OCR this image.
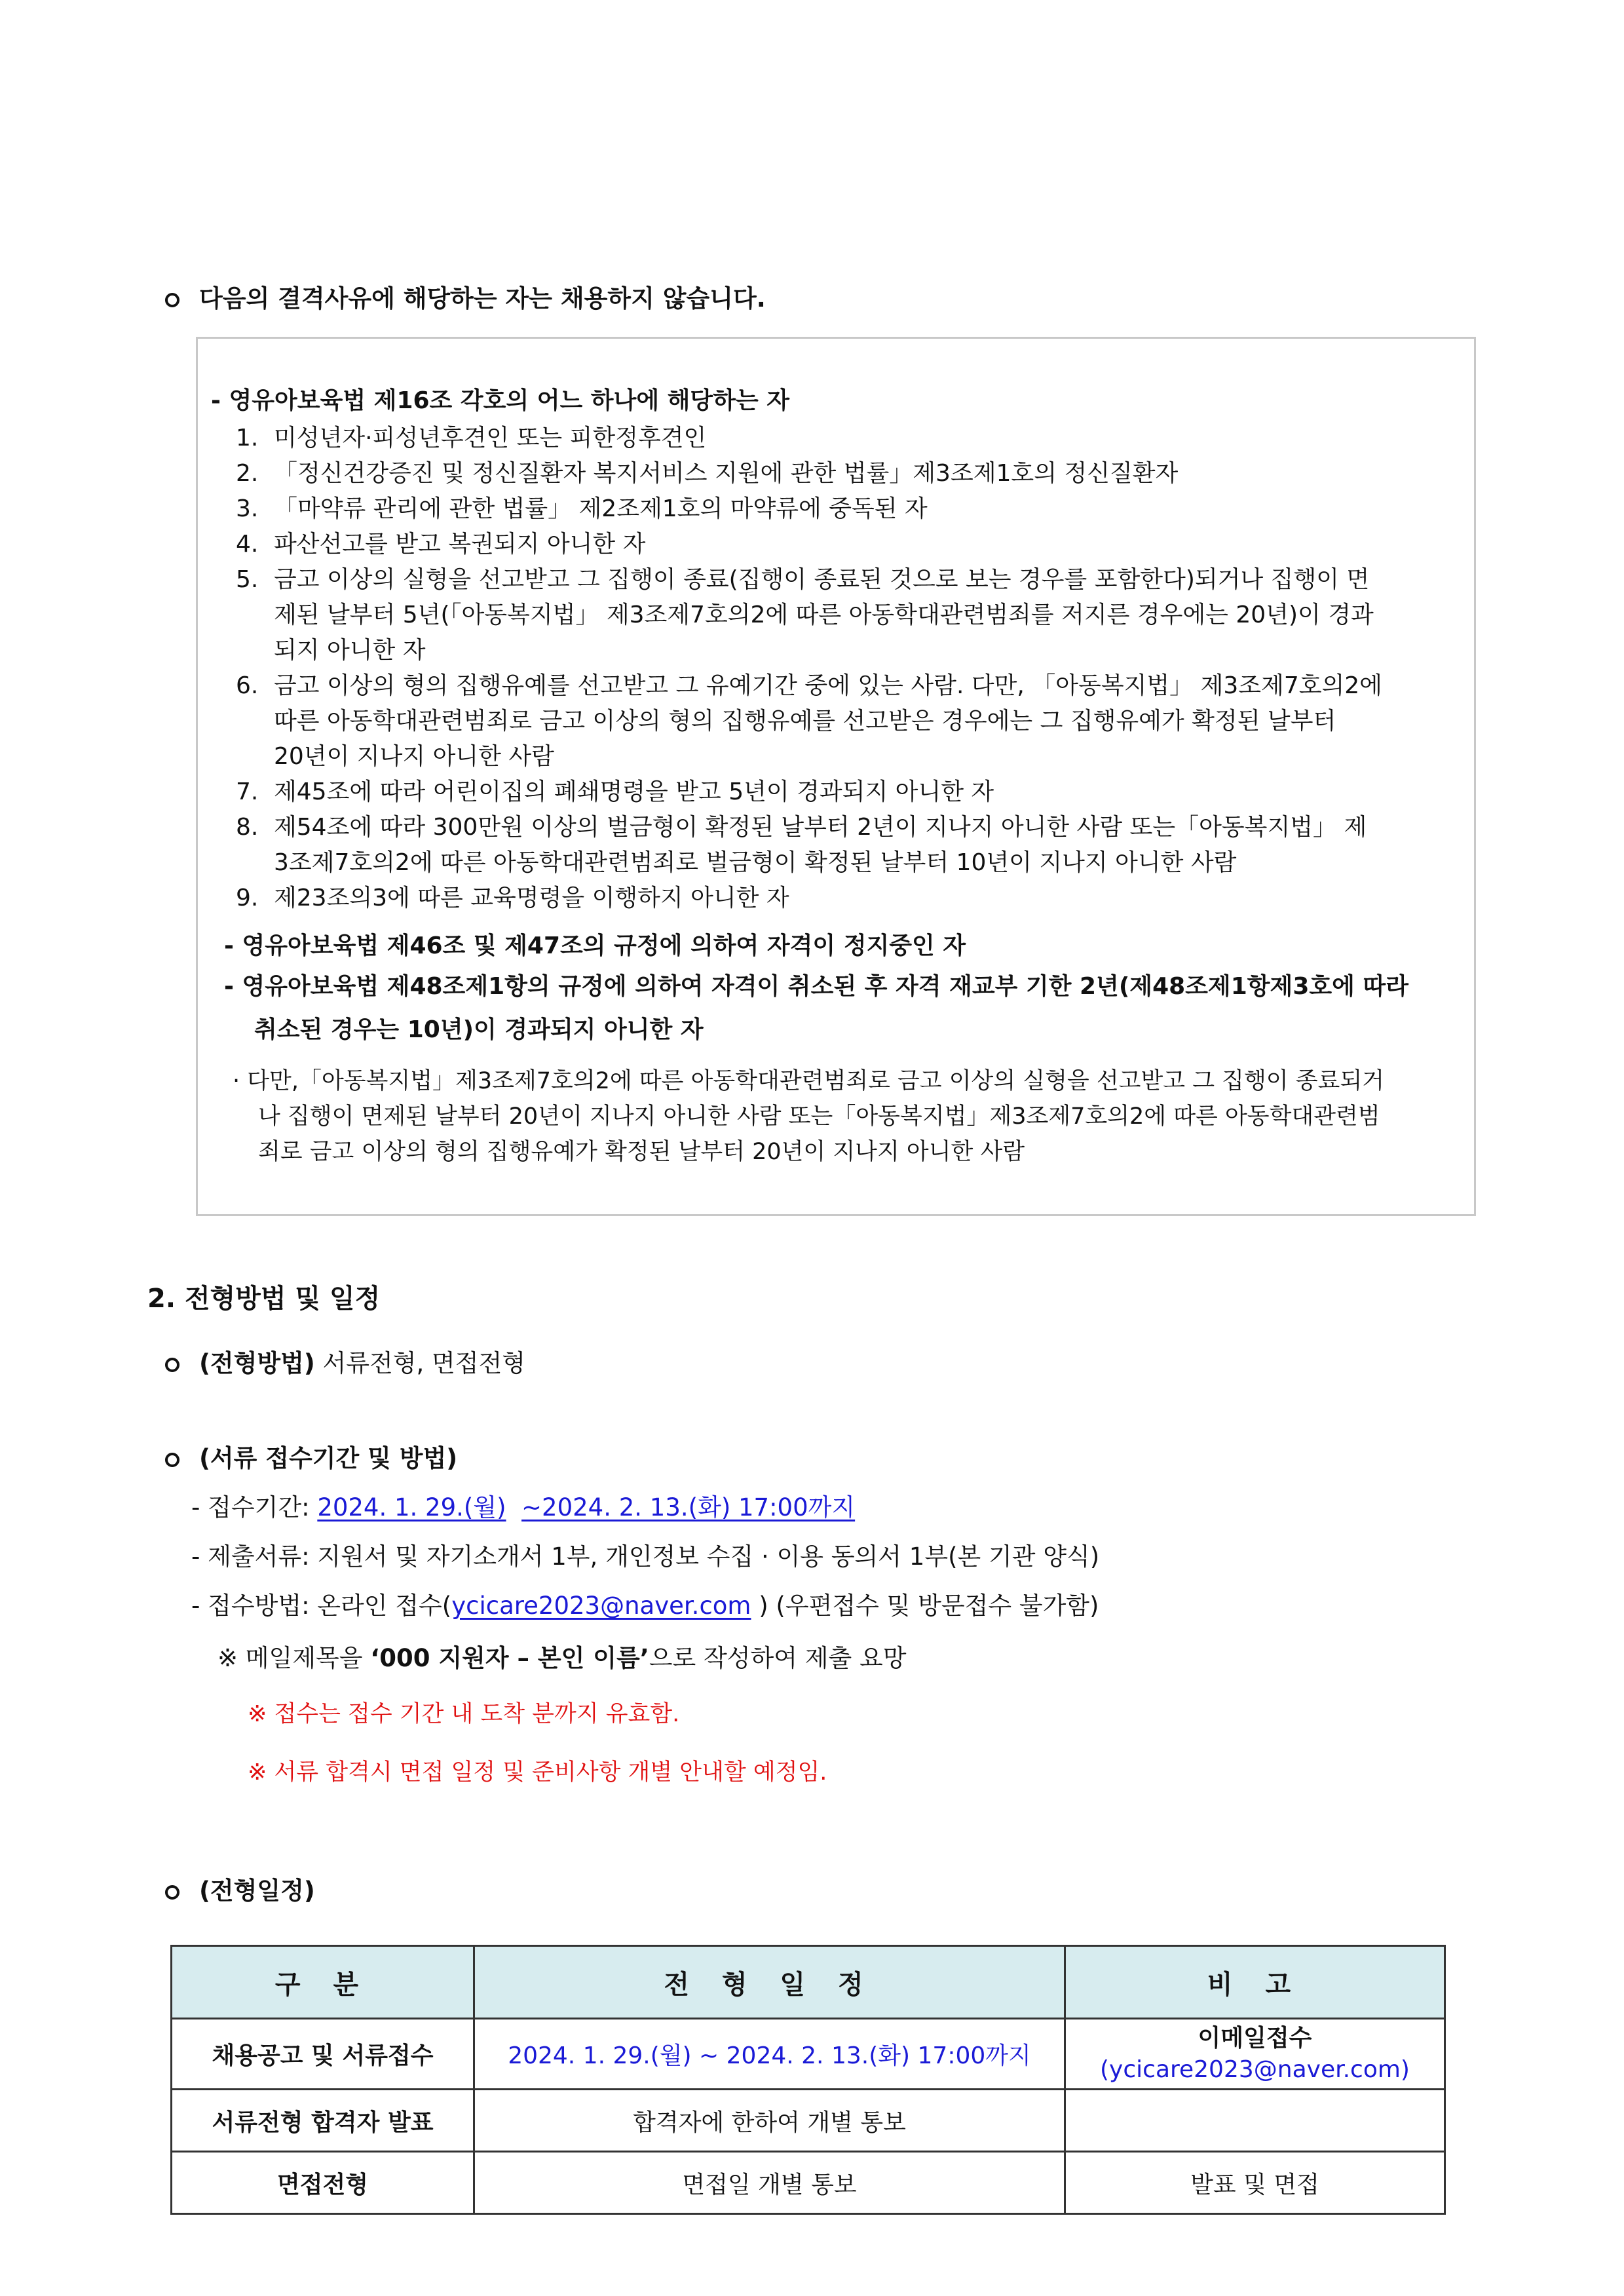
다음의 결격사유에 해당하는 자는 채용하지 않습니다.
- 영유아보육법 제16조 각호의 어느 하나에 해당하는 자
1. 미성년자·피성년후견인 또는 피한정후견인
2. 「정신건강증진 및 정신질환자 복지서비스 지원에 관한 법률」제3조제1호의 정신질환자
3. 「마약류 관리에 관한 법률」 제2조제1호의 마약류에 중독된 자
4. 파산선고를 받고 복권되지 아니한 자
5. 금고 이상의 실형을 선고받고 그 집행이 종료(집행이 종료된 것으로 보는 경우를 포함한다)되거나 집행이 면
제된 날부터 5년(「아동복지법」 제3조제7호의2에 따른 아동학대관련범죄를 저지른 경우에는 20년)이 경과
되지 아니한 자
6. 금고 이상의 형의 집행유예를 선고받고 그 유예기간 중에 있는 사람. 다만, 「아동복지법」 제3조제7호의2에
따른 아동학대관련범죄로 금고 이상의 형의 집행유예를 선고받은 경우에는 그 집행유예가 확정된 날부터
20년이 지나지 아니한 사람
7. 제45조에 따라 어린이집의 폐쇄명령을 받고 5년이 경과되지 아니한 자
8. 제54조에 따라 300만원 이상의 벌금형이 확정된 날부터 2년이 지나지 아니한 사람 또는「아동복지법」 제
3조제7호의2에 따른 아동학대관련범죄로 벌금형이 확정된 날부터 10년이 지나지 아니한 사람
9. 제23조의3에 따른 교육명령을 이행하지 아니한 자
- 영유아보육법 제46조 및 제47조의 규정에 의하여 자격이 정지중인 자
- 영유아보육법 제48조제1항의 규정에 의하여 자격이 취소된 후 자격 재교부 기한 2년(제48조제1항제3호에 따라
취소된 경우는 10년)이 경과되지 아니한 자
· 다만,「아동복지법」제3조제7호의2에 따른 아동학대관련범죄로 금고 이상의 실형을 선고받고 그 집행이 종료되거
나 집행이 면제된 날부터 20년이 지나지 아니한 사람 또는「아동복지법」제3조제7호의2에 따른 아동학대관련범
죄로 금고 이상의 형의 집행유예가 확정된 날부터 20년이 지나지 아니한 사람
2. 전형방법 및 일정
(전형방법) 서류전형, 면접전형
(서류 접수기간 및 방법)
- 접수기간: 2024. 1. 29.(월) ~2024. 2. 13.(화) 17:00까지
- 제출서류: 지원서 및 자기소개서 1부, 개인정보 수집 · 이용 동의서 1부(본 기관 양식)
- 접수방법: 온라인 접수(ycicare2023@naver.com ) (우편접수 및 방문접수 불가함)
※ 메일제목을 ‘000 지원자 – 본인 이름’으로 작성하여 제출 요망
※ 접수는 접수 기간 내 도착 분까지 유효함.
※ 서류 합격시 면접 일정 및 준비사항 개별 안내할 예정임.
(전형일정)
구 분	전 형 일 정	비 고
채용공고 및 서류접수	2024. 1. 29.(월) ~ 2024. 2. 13.(화) 17:00까지	이메일접수
(ycicare2023@naver.com)

서류전형 합격자 발표	합격자에 한하여 개별 통보	
면접전형	면접일 개별 통보	발표 및 면접
